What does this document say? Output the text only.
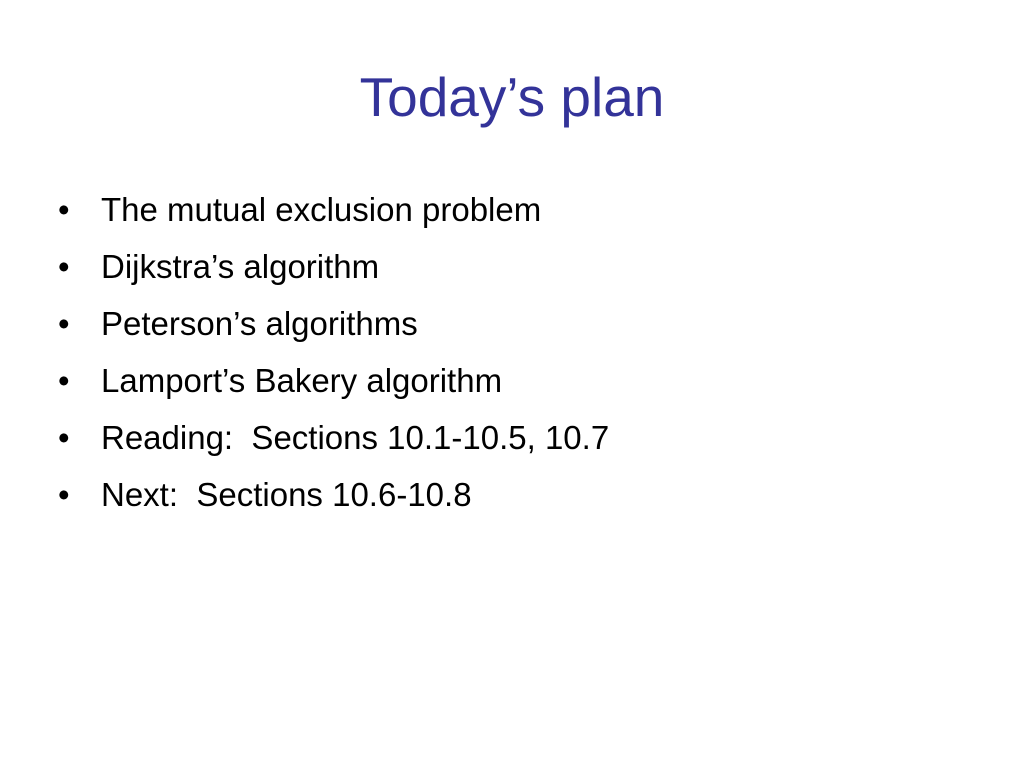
Today’s plan

•

The mutual exclusion problem

•

Dijkstra’s algorithm

•

Peterson’s algorithms

•

Lamport’s Bakery algorithm

•

Reading:  Sections 10.1-10.5, 10.7

•

Next:  Sections 10.6-10.8
